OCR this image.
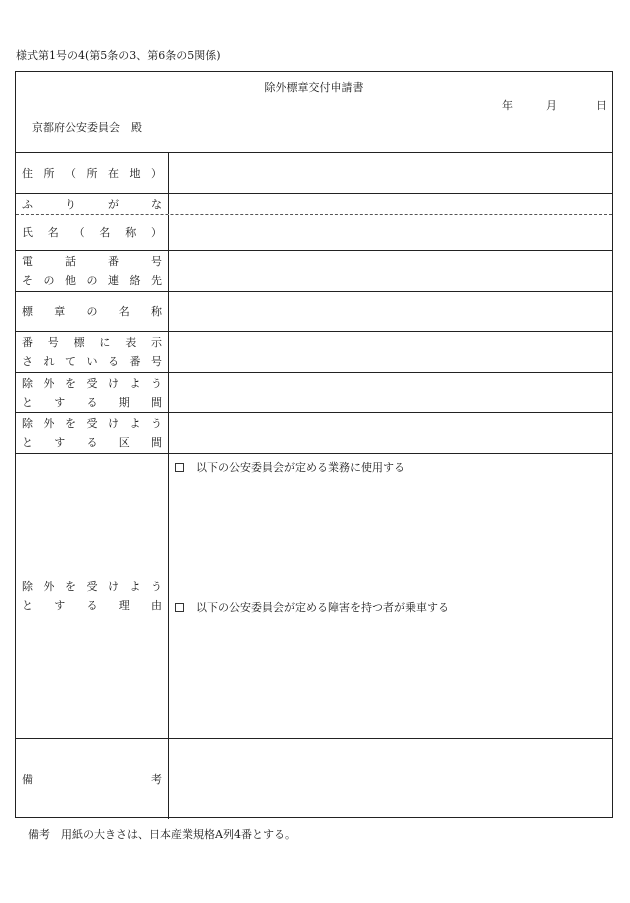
様式第1号の4(第5条の3、第6条の5関係)
除外標章交付申請書
年	月	日
京都府公安委員会　殿
住 所 （ 所 在 地 ）
ふ	り	が	な
氏 名 （ 名 称 ）
電	話	番	号
そ の 他 の 連 絡 先
標 章 の 名 称
番 号 標 に 表 示
さ れ て い る 番 号
除 外 を 受 け よ う
と す る 期 間
除 外 を 受 け よ う
と す る 区 間
除 外 を 受 け よ う
と す る 理 由
以下の公安委員会が定める業務に使用する
以下の公安委員会が定める障害を持つ者が乗車する
備	考
備考　用紙の大きさは、日本産業規格A列4番とする。
